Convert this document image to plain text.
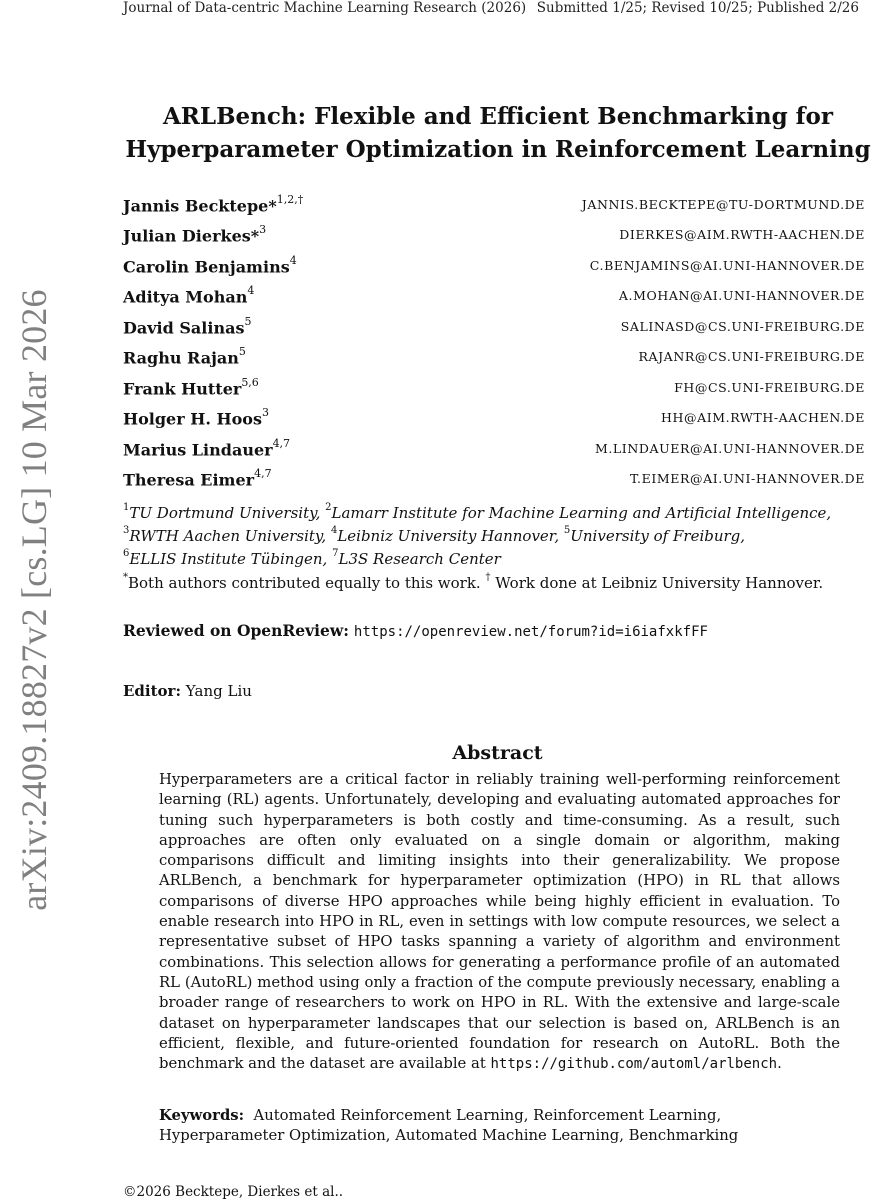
Journal of Data-centric Machine Learning Research (2026) Submitted 1/25; Revised 10/25; Published 2/26
arXiv:2409.18827v2 [cs.LG] 10 Mar 2026
ARLBench: Flexible and Efficient Benchmarking for
Hyperparameter Optimization in Reinforcement Learning
Jannis Becktepe*$^{1,2,\dagger}$	JANNIS.BECKTEPE@TU-DORTMUND.DE
Julian Dierkes*$^3$	DIERKES@AIM.RWTH-AACHEN.DE
Carolin Benjamins$^4$	C.BENJAMINS@AI.UNI-HANNOVER.DE
Aditya Mohan$^4$	A.MOHAN@AI.UNI-HANNOVER.DE
David Salinas$^5$	SALINASD@CS.UNI-FREIBURG.DE
Raghu Rajan$^5$	RAJANR@CS.UNI-FREIBURG.DE
Frank Hutter$^{5,6}$	FH@CS.UNI-FREIBURG.DE
Holger H. Hoos$^3$	HH@AIM.RWTH-AACHEN.DE
Marius Lindauer$^{4,7}$	M.LINDAUER@AI.UNI-HANNOVER.DE
Theresa Eimer$^{4,7}$	T.EIMER@AI.UNI-HANNOVER.DE
$^1$TU Dortmund University, $^2$Lamarr Institute for Machine Learning and Artificial Intelligence,
$^3$RWTH Aachen University, $^4$Leibniz University Hannover, $^5$University of Freiburg,
$^6$ELLIS Institute Tübingen, $^7$L3S Research Center
*Both authors contributed equally to this work. † Work done at Leibniz University Hannover.
Reviewed on OpenReview: https://openreview.net/forum?id=i6iafxkfFF
Editor: Yang Liu
Abstract
Hyperparameters are a critical factor in reliably training well-performing reinforcement learning (RL) agents. Unfortunately, developing and evaluating automated approaches for tuning such hyperparameters is both costly and time-consuming. As a result, such approaches are often only evaluated on a single domain or algorithm, making comparisons difficult and limiting insights into their generalizability. We propose ARLBench, a benchmark for hyperparameter optimization (HPO) in RL that allows comparisons of diverse HPO approaches while being highly efficient in evaluation. To enable research into HPO in RL, even in settings with low compute resources, we select a representative subset of HPO tasks spanning a variety of algorithm and environment combinations. This selection allows for generating a performance profile of an automated RL (AutoRL) method using only a fraction of the compute previously necessary, enabling a broader range of researchers to work on HPO in RL. With the extensive and large-scale dataset on hyperparameter landscapes that our selection is based on, ARLBench is an efficient, flexible, and future-oriented foundation for research on AutoRL. Both the benchmark and the dataset are available at https://github.com/automl/arlbench.
Keywords: Automated Reinforcement Learning, Reinforcement Learning, Hyperparameter Optimization, Automated Machine Learning, Benchmarking
©2026 Becktepe, Dierkes et al..
